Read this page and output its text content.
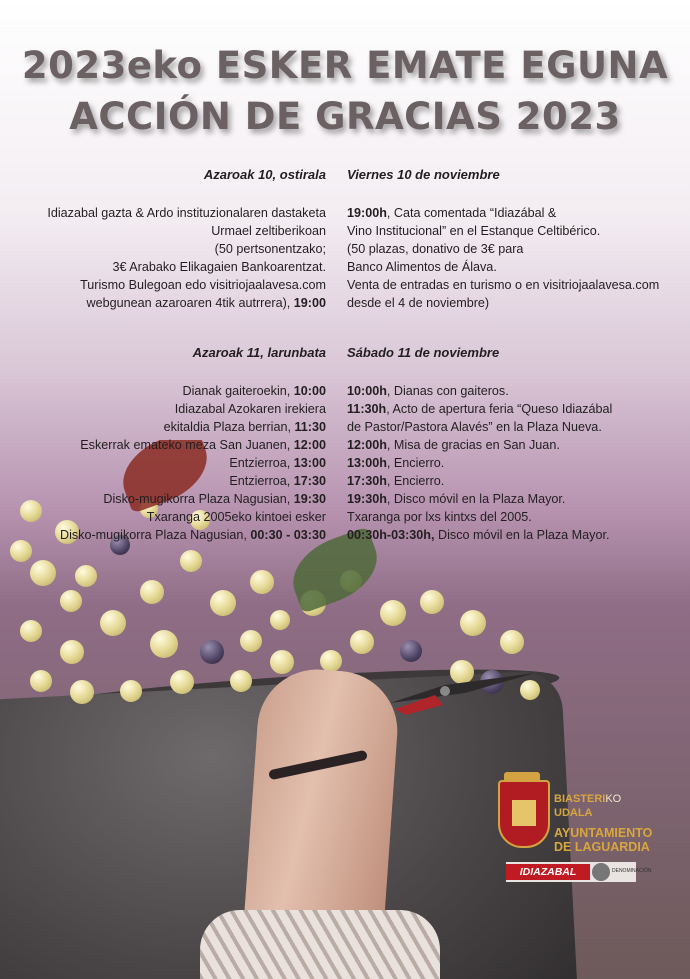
2023eko ESKER EMATE EGUNA
ACCIÓN DE GRACIAS 2023
Azaroak 10, ostirala
Idiazabal gazta & Ardo instituzionalaren dastaketa
Urmael zeltiberikoan
(50 pertsonentzako;
3€ Arabako Elikagaien Bankoarentzat.
Turismo Bulegoan edo visitriojaalavesa.com
webgunean azaroaren 4tik autrrera), 19:00
Viernes 10 de noviembre
19:00h, Cata comentada “Idiazábal &
Vino Institucional” en el Estanque Celtibérico.
(50 plazas, donativo de 3€ para
Banco Alimentos de Álava.
Venta de entradas en turismo o en visitriojaalavesa.com
desde el 4 de noviembre)
Azaroak 11, larunbata
Dianak gaiteroekin, 10:00
Idiazabal Azokaren irekiera
ekitaldia Plaza berrian, 11:30
Eskerrak emateko meza San Juanen, 12:00
Entzierroa, 13:00
Entzierroa, 17:30
Disko-mugikorra Plaza Nagusian, 19:30
Txaranga 2005eko kintoei esker
Disko-mugikorra Plaza Nagusian, 00:30 - 03:30
Sábado 11 de noviembre
10:00h, Dianas con gaiteros.
11:30h, Acto de apertura feria “Queso Idiazábal
de Pastor/Pastora Alavés” en la Plaza Nueva.
12:00h, Misa de gracias en San Juan.
13:00h, Encierro.
17:30h, Encierro.
19:30h, Disco móvil en la Plaza Mayor.
Txaranga por lxs kintxs del 2005.
00:30h-03:30h, Disco móvil en la Plaza Mayor.
BIASTERIKO
UDALA
AYUNTAMIENTO
DE LAGUARDIA
IDIAZABAL	DENOMINACIÓN
